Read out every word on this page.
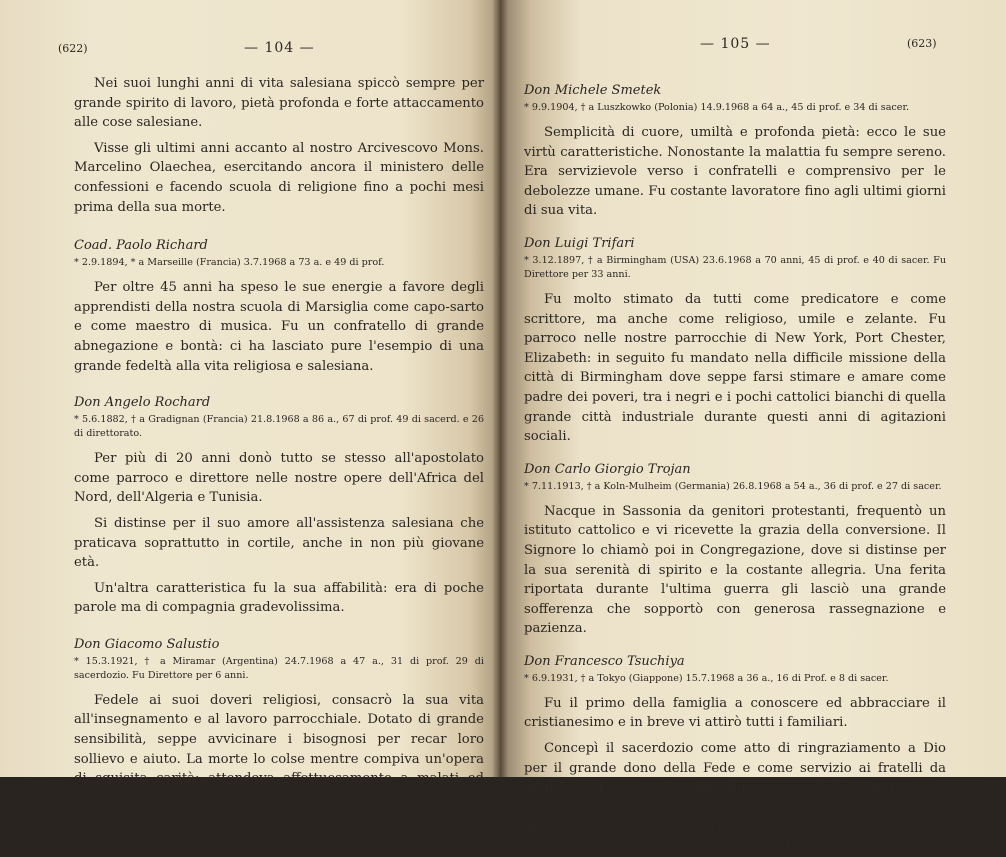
(622)	— 104 —

Nei suoi lunghi anni di vita salesiana spiccò sempre per grande spirito di lavoro, pietà profonda e forte attaccamento alle cose salesiane.

Visse gli ultimi anni accanto al nostro Arcivescovo Mons. Marcelino Olaechea, esercitando ancora il ministero delle confessioni e facendo scuola di religione fino a pochi mesi prima della sua morte.

Coad. Paolo Richard
* 2.9.1894, * a Marseille (Francia) 3.7.1968 a 73 a. e 49 di prof.

Per oltre 45 anni ha speso le sue energie a favore degli apprendisti della nostra scuola di Marsiglia come capo-sarto e come maestro di musica. Fu un confratello di grande abnegazione e bontà: ci ha lasciato pure l'esempio di una grande fedeltà alla vita religiosa e salesiana.

Don Angelo Rochard
* 5.6.1882, † a Gradignan (Francia) 21.8.1968 a 86 a., 67 di prof. 49 di sacerd. e 26 di direttorato.

Per più di 20 anni donò tutto se stesso all'apostolato come parroco e direttore nelle nostre opere dell'Africa del Nord, dell'Algeria e Tunisia.

Si distinse per il suo amore all'assistenza salesiana che praticava soprattutto in cortile, anche in non più giovane età.

Un'altra caratteristica fu la sua affabilità: era di poche parole ma di compagnia gradevolissima.

Don Giacomo Salustio
* 15.3.1921, † a Miramar (Argentina) 24.7.1968 a 47 a., 31 di prof. 29 di sacerdozio. Fu Direttore per 6 anni.

Fedele ai suoi doveri religiosi, consacrò la sua vita all'insegnamento e al lavoro parrocchiale. Dotato di grande sensibilità, seppe avvicinare i bisognosi per recar loro sollievo e aiuto. La morte lo colse mentre compiva un'opera di squisita carità: attendeva affettuosamente a malati ed anziani.

— 105 —	(623)
Don Michele Smetek
* 9.9.1904, † a Luszkowko (Polonia) 14.9.1968 a 64 a., 45 di prof. e 34 di sacer.

Semplicità di cuore, umiltà e profonda pietà: ecco le sue virtù caratteristiche. Nonostante la malattia fu sempre sereno. Era servizievole verso i confratelli e comprensivo per le debolezze umane. Fu costante lavoratore fino agli ultimi giorni di sua vita.

Don Luigi Trifari
* 3.12.1897, † a Birmingham (USA) 23.6.1968 a 70 anni, 45 di prof. e 40 di sacer. Fu Direttore per 33 anni.

Fu molto stimato da tutti come predicatore e come scrittore, ma anche come religioso, umile e zelante. Fu parroco nelle nostre parrocchie di New York, Port Chester, Elizabeth: in seguito fu mandato nella difficile missione della città di Birmingham dove seppe farsi stimare e amare come padre dei poveri, tra i negri e i pochi cattolici bianchi di quella grande città industriale durante questi anni di agitazioni sociali.

Don Carlo Giorgio Trojan
* 7.11.1913, † a Koln-Mulheim (Germania) 26.8.1968 a 54 a., 36 di prof. e 27 di sacer.

Nacque in Sassonia da genitori protestanti, frequentò un istituto cattolico e vi ricevette la grazia della conversione. Il Signore lo chiamò poi in Congregazione, dove si distinse per la sua serenità di spirito e la costante allegria. Una ferita riportata durante l'ultima guerra gli lasciò una grande sofferenza che sopportò con generosa rassegnazione e pazienza.

Don Francesco Tsuchiya
* 6.9.1931, † a Tokyo (Giappone) 15.7.1968 a 36 a., 16 di Prof. e 8 di sacer.

Fu il primo della famiglia a conoscere ed abbracciare il cristianesimo e in breve vi attirò tutti i familiari.

Concepì il sacerdozio come atto di ringraziamento a Dio per il grande dono della Fede e come servizio ai fratelli da guidare ad essa. Nel ministero sacerdotale e nel lavoro salesiano compiuto con spirito di sacrificio e dedizione apostolica, seppe cattivarsi la fiducia, la stima e la venerazione di quanti vennero in contatto con lui.
